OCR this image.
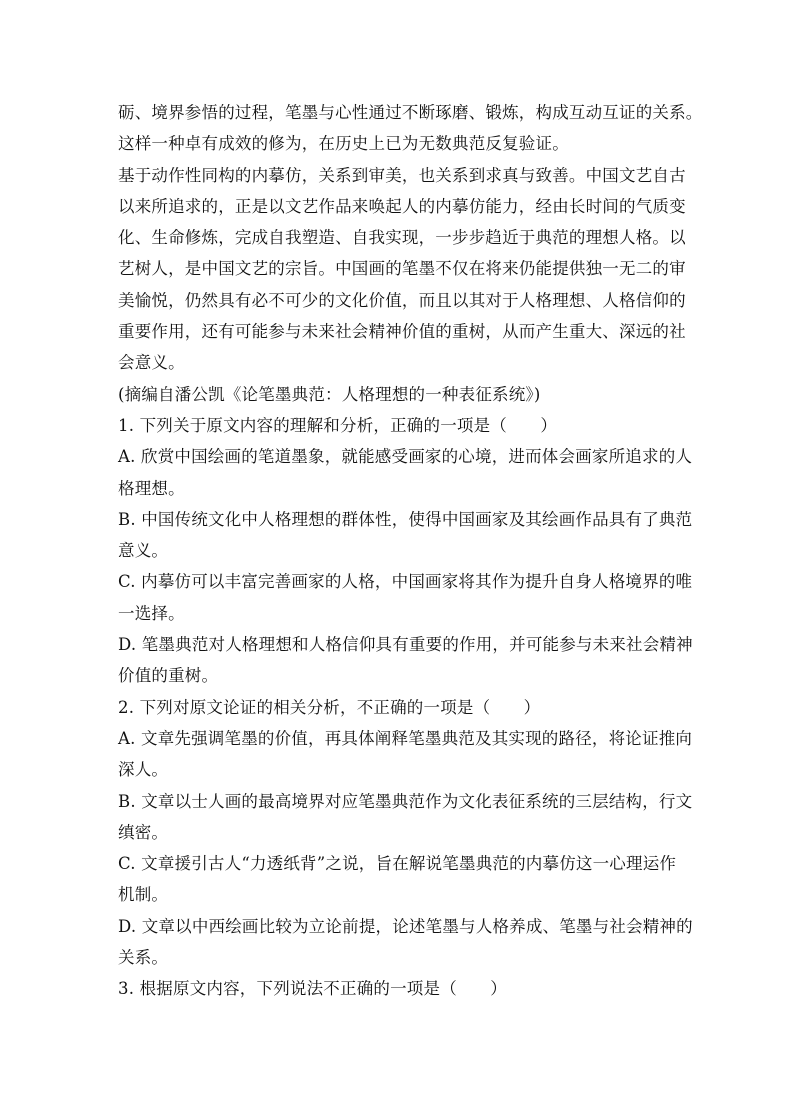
砺、境界参悟的过程，笔墨与心性通过不断琢磨、锻炼，构成互动互证的关系。
这样一种卓有成效的修为，在历史上已为无数典范反复验证。
基于动作性同构的内摹仿，关系到审美，也关系到求真与致善。中国文艺自古
以来所追求的，正是以文艺作品来唤起人的内摹仿能力，经由长时间的气质变
化、生命修炼，完成自我塑造、自我实现，一步步趋近于典范的理想人格。以
艺树人，是中国文艺的宗旨。中国画的笔墨不仅在将来仍能提供独一无二的审
美愉悦，仍然具有必不可少的文化价值，而且以其对于人格理想、人格信仰的
重要作用，还有可能参与未来社会精神价值的重树，从而产生重大、深远的社
会意义。
(摘编自潘公凯《论笔墨典范：人格理想的一种表征系统》)
1. 下列关于原文内容的理解和分析，正确的一项是（　　）
A. 欣赏中国绘画的笔道墨象，就能感受画家的心境，进而体会画家所追求的人
格理想。
B. 中国传统文化中人格理想的群体性，使得中国画家及其绘画作品具有了典范
意义。
C. 内摹仿可以丰富完善画家的人格，中国画家将其作为提升自身人格境界的唯
一选择。
D. 笔墨典范对人格理想和人格信仰具有重要的作用，并可能参与未来社会精神
价值的重树。
2. 下列对原文论证的相关分析，不正确的一项是（　　）
A. 文章先强调笔墨的价值，再具体阐释笔墨典范及其实现的路径，将论证推向
深人。
B. 文章以士人画的最高境界对应笔墨典范作为文化表征系统的三层结构，行文
缜密。
C. 文章援引古人“力透纸背”之说，旨在解说笔墨典范的内摹仿这一心理运作
机制。
D. 文章以中西绘画比较为立论前提，论述笔墨与人格养成、笔墨与社会精神的
关系。
3. 根据原文内容，下列说法不正确的一项是（　　）
